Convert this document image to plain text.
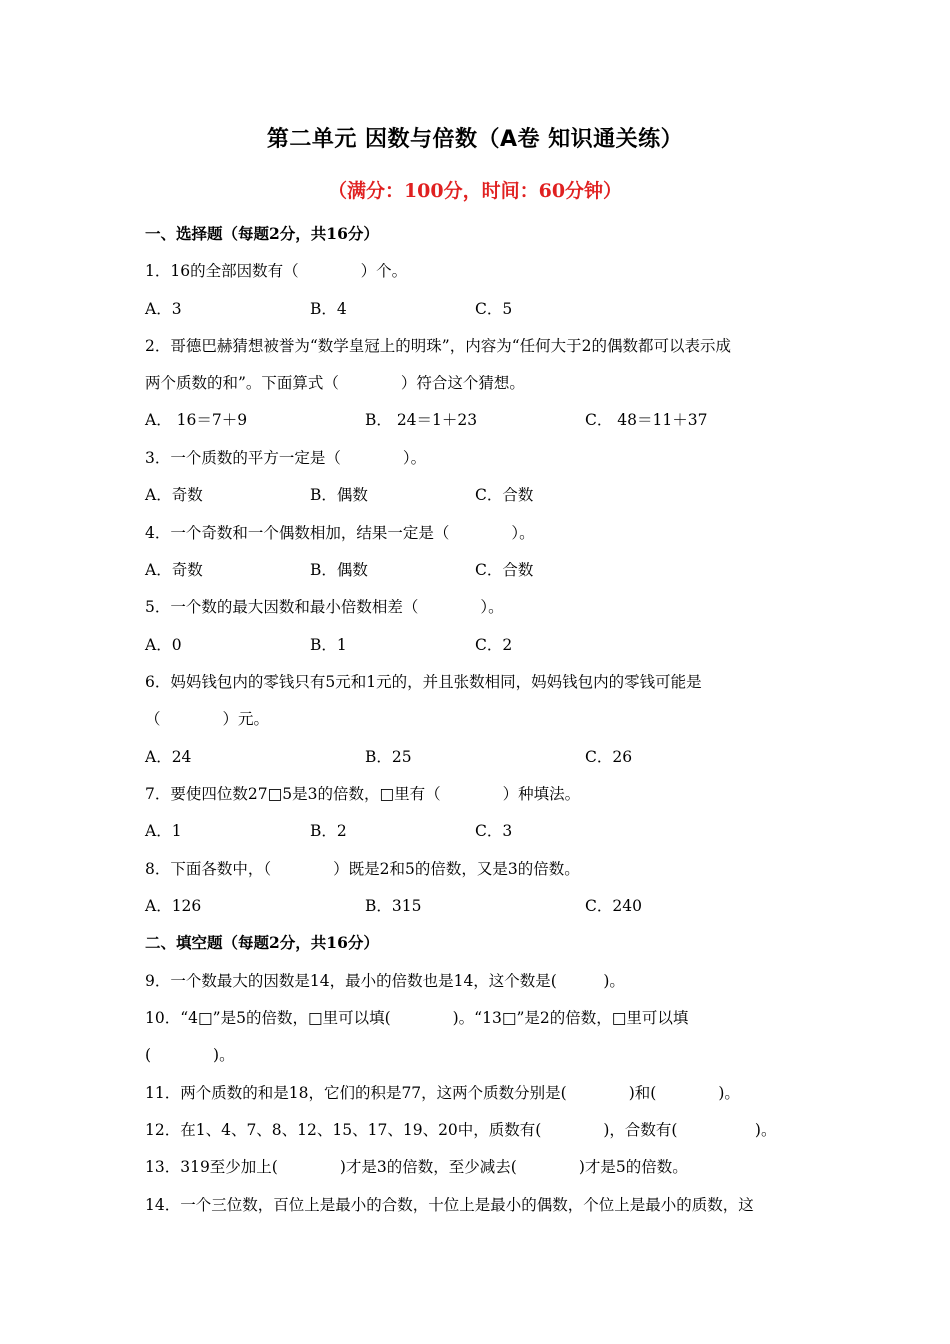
第二单元 因数与倍数（A卷 知识通关练）
（满分：100分，时间：60分钟）
一、选择题（每题2分，共16分）
1．16的全部因数有（　　　　）个。
A．3	B．4	C．5
2．哥德巴赫猜想被誉为“数学皇冠上的明珠”，内容为“任何大于2的偶数都可以表示成
两个质数的和”。下面算式（　　　　）符合这个猜想。
A． 16＝7＋9	B． 24＝1＋23	C． 48＝11＋37
3．一个质数的平方一定是（　　　　）。
A．奇数	B．偶数	C．合数
4．一个奇数和一个偶数相加，结果一定是（　　　　）。
A．奇数	B．偶数	C．合数
5．一个数的最大因数和最小倍数相差（　　　　）。
A．0	B．1	C．2
6．妈妈钱包内的零钱只有5元和1元的，并且张数相同，妈妈钱包内的零钱可能是
（　　　　）元。
A．24	B．25	C．26
7．要使四位数27□5是3的倍数，□里有（　　　　）种填法。
A．1	B．2	C．3
8．下面各数中，（　　　　）既是2和5的倍数，又是3的倍数。
A．126	B．315	C．240
二、填空题（每题2分，共16分）
9．一个数最大的因数是14，最小的倍数也是14，这个数是(　　　)。
10．“4□”是5的倍数，□里可以填(　　　　)。“13□”是2的倍数，□里可以填
(　　　　)。
11．两个质数的和是18，它们的积是77，这两个质数分别是(　　　　)和(　　　　)。
12．在1、4、7、8、12、15、17、19、20中，质数有(　　　　)，合数有(　　　　　)。
13．319至少加上(　　　　)才是3的倍数，至少减去(　　　　)才是5的倍数。
14．一个三位数，百位上是最小的合数，十位上是最小的偶数，个位上是最小的质数，这
